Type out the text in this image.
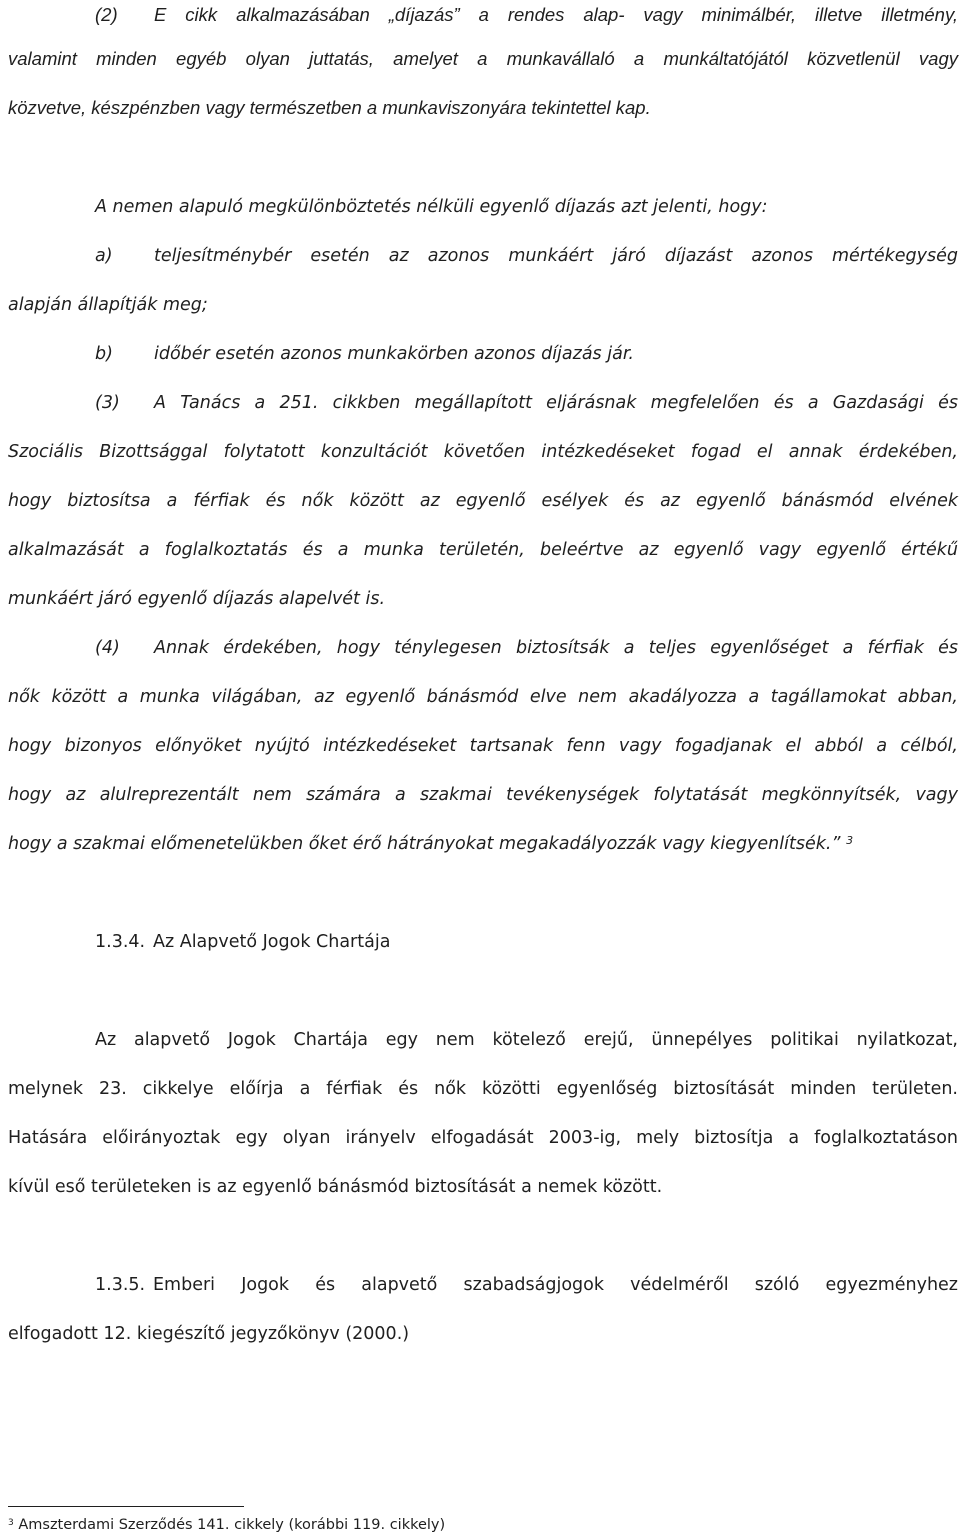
(2) E cikk alkalmazásában „díjazás” a rendes alap- vagy minimálbér, illetve illetmény,
valamint minden egyéb olyan juttatás, amelyet a munkavállaló a munkáltatójától közvetlenül vagy
közvetve, készpénzben vagy természetben a munkaviszonyára tekintettel kap.
A nemen alapuló megkülönböztetés nélküli egyenlő díjazás azt jelenti, hogy:
a) teljesítménybér esetén az azonos munkáért járó díjazást azonos mértékegység
alapján állapítják meg;
b) időbér esetén azonos munkakörben azonos díjazás jár.
(3) A Tanács a 251. cikkben megállapított eljárásnak megfelelően és a Gazdasági és
Szociális Bizottsággal folytatott konzultációt követően intézkedéseket fogad el annak érdekében,
hogy biztosítsa a férfiak és nők között az egyenlő esélyek és az egyenlő bánásmód elvének
alkalmazását a foglalkoztatás és a munka területén, beleértve az egyenlő vagy egyenlő értékű
munkáért járó egyenlő díjazás alapelvét is.
(4) Annak érdekében, hogy ténylegesen biztosítsák a teljes egyenlőséget a férfiak és
nők között a munka világában, az egyenlő bánásmód elve nem akadályozza a tagállamokat abban,
hogy bizonyos előnyöket nyújtó intézkedéseket tartsanak fenn vagy fogadjanak el abból a célból,
hogy az alulreprezentált nem számára a szakmai tevékenységek folytatását megkönnyítsék, vagy
hogy a szakmai előmenetelükben őket érő hátrányokat megakadályozzák vagy kiegyenlítsék.” $^3$
1.3.4. Az Alapvető Jogok Chartája
Az alapvető Jogok Chartája egy nem kötelező erejű, ünnepélyes politikai nyilatkozat,
melynek 23. cikkelye előírja a férfiak és nők közötti egyenlőség biztosítását minden területen.
Hatására előirányoztak egy olyan irányelv elfogadását 2003-ig, mely biztosítja a foglalkoztatáson
kívül eső területeken is az egyenlő bánásmód biztosítását a nemek között.
1.3.5. Emberi Jogok és alapvető szabadságjogok védelméről szóló egyezményhez
elfogadott 12. kiegészítő jegyzőkönyv (2000.)
$^3$ Amszterdami Szerződés 141. cikkely (korábbi 119. cikkely)
